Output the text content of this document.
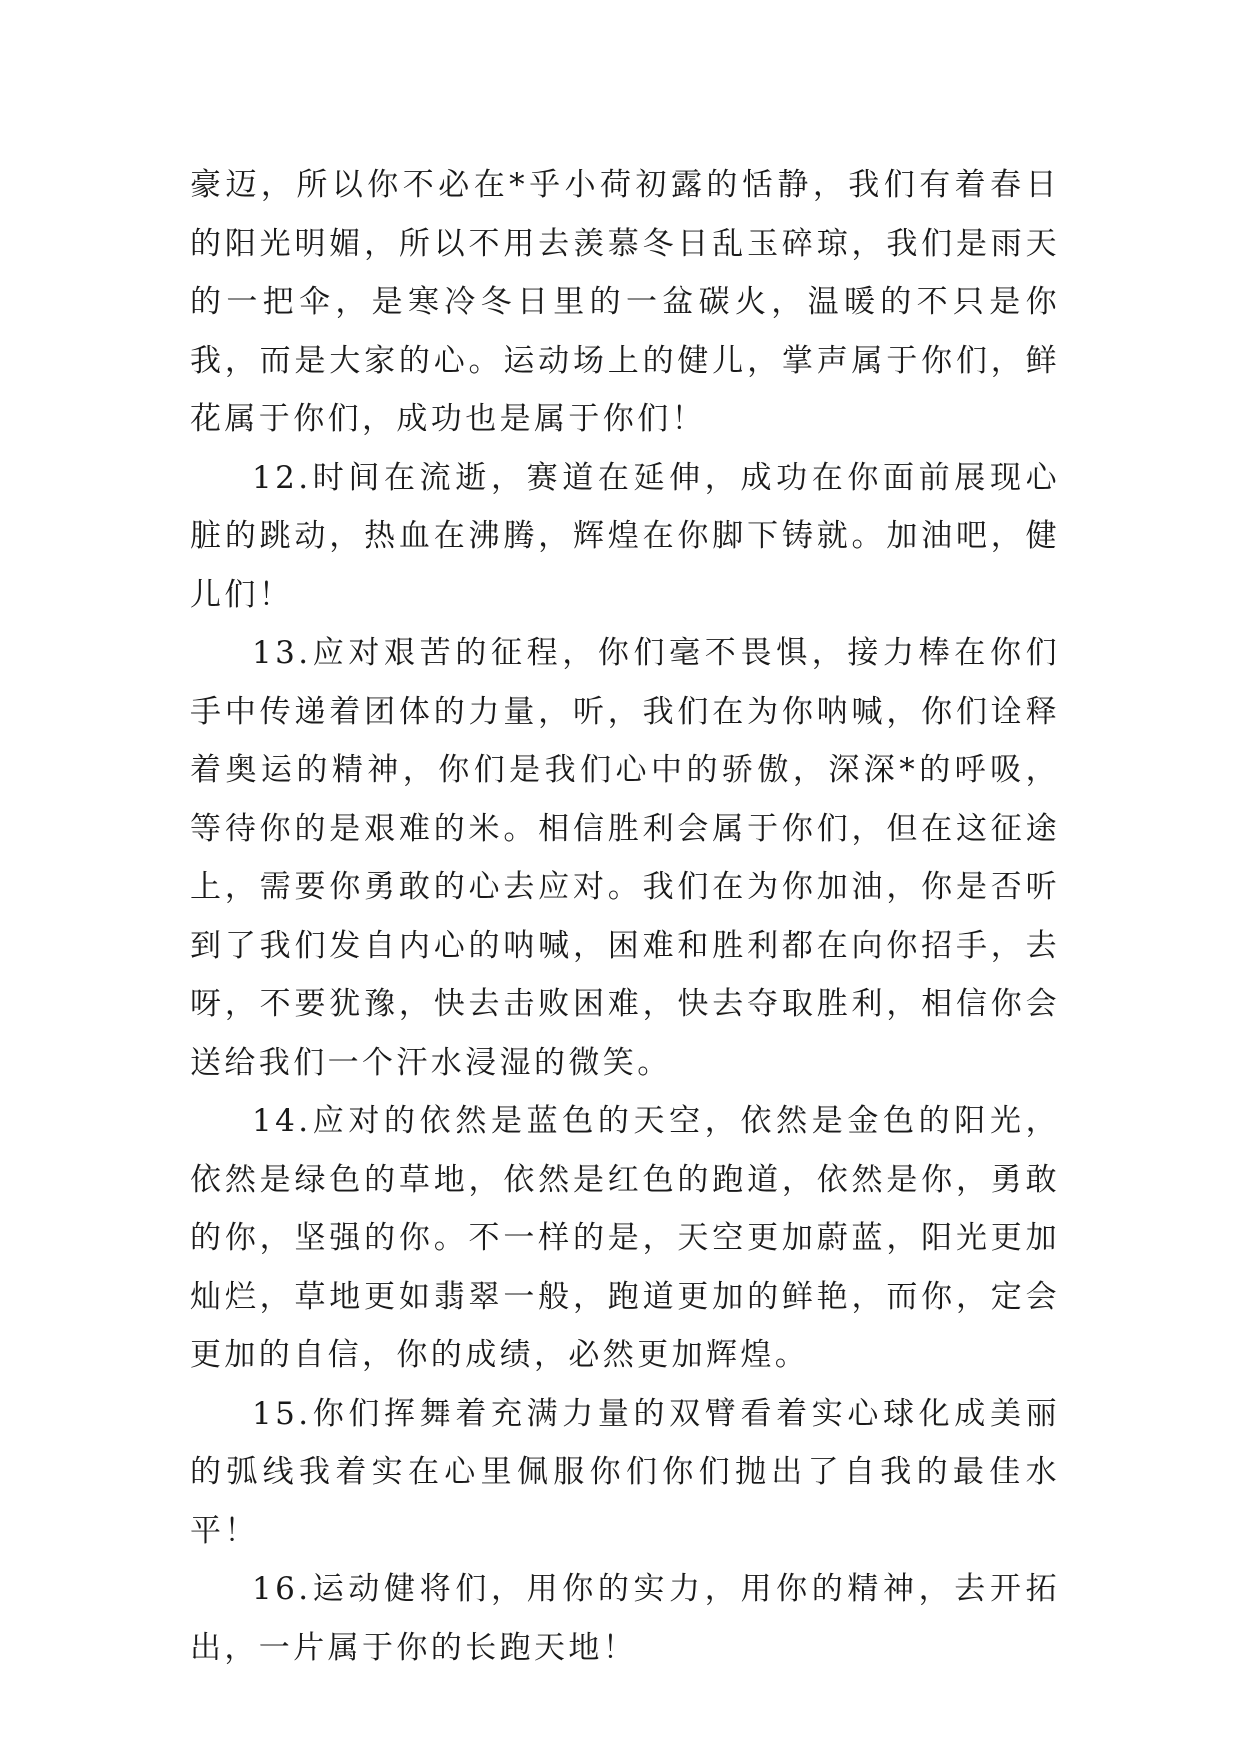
豪迈，所以你不必在*乎小荷初露的恬静，我们有着春日的阳光明媚，所以不用去羡慕冬日乱玉碎琼，我们是雨天的一把伞，是寒冷冬日里的一盆碳火，温暖的不只是你我，而是大家的心。运动场上的健儿，掌声属于你们，鲜花属于你们，成功也是属于你们！

12.时间在流逝，赛道在延伸，成功在你面前展现心脏的跳动，热血在沸腾，辉煌在你脚下铸就。加油吧，健儿们！

13.应对艰苦的征程，你们毫不畏惧，接力棒在你们手中传递着团体的力量，听，我们在为你呐喊，你们诠释着奥运的精神，你们是我们心中的骄傲，深深*的呼吸，等待你的是艰难的米。相信胜利会属于你们，但在这征途上，需要你勇敢的心去应对。我们在为你加油，你是否听到了我们发自内心的呐喊，困难和胜利都在向你招手，去呀，不要犹豫，快去击败困难，快去夺取胜利，相信你会送给我们一个汗水浸湿的微笑。

14.应对的依然是蓝色的天空，依然是金色的阳光，依然是绿色的草地，依然是红色的跑道，依然是你，勇敢的你，坚强的你。不一样的是，天空更加蔚蓝，阳光更加灿烂，草地更如翡翠一般，跑道更加的鲜艳，而你，定会更加的自信，你的成绩，必然更加辉煌。

15.你们挥舞着充满力量的双臂看着实心球化成美丽的弧线我着实在心里佩服你们你们抛出了自我的最佳水平！

16.运动健将们，用你的实力，用你的精神，去开拓出，一片属于你的长跑天地！
